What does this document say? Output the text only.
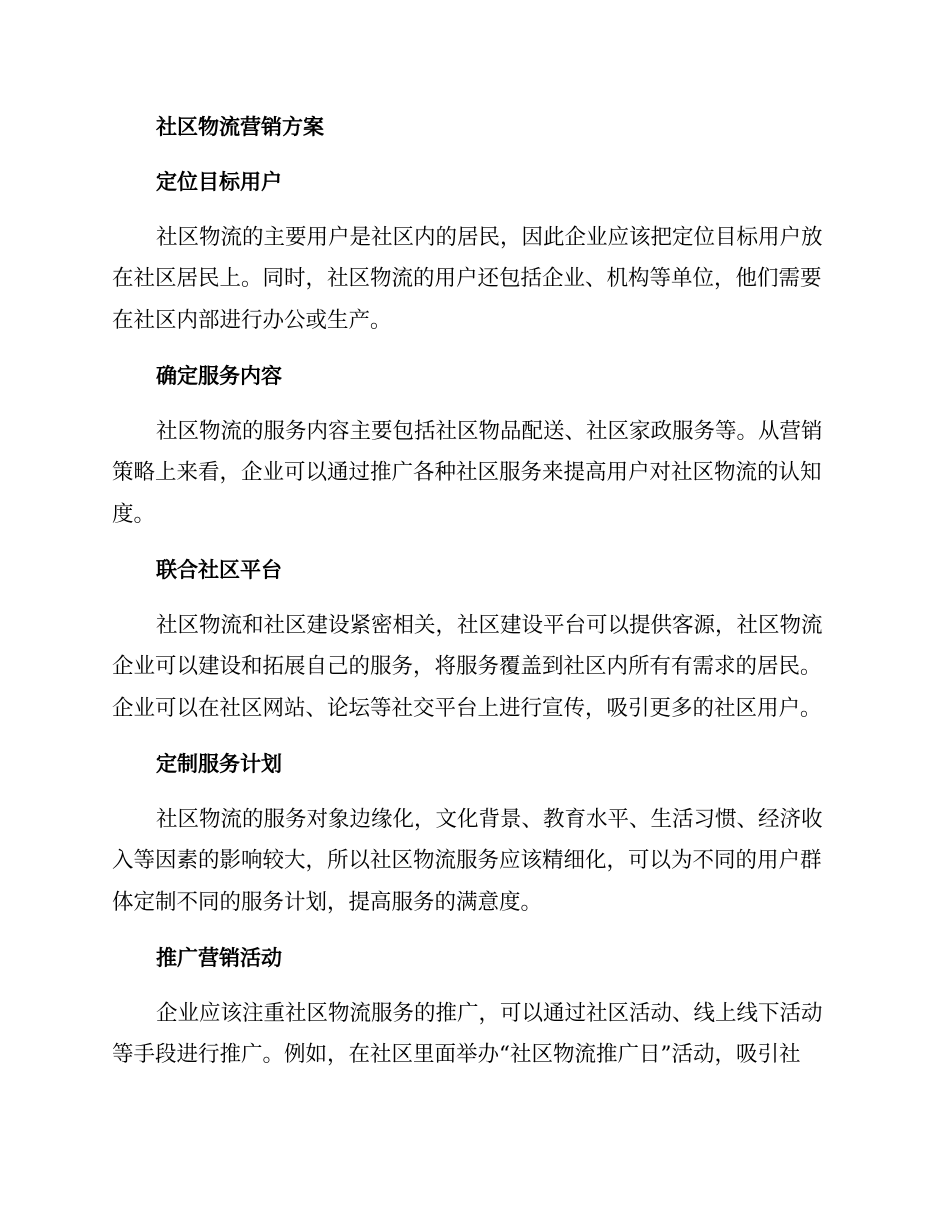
社区物流营销方案
定位目标用户

社区物流的主要用户是社区内的居民，因此企业应该把定位目标用户放

在社区居民上。同时，社区物流的用户还包括企业、机构等单位，他们需要

在社区内部进行办公或生产。

确定服务内容

社区物流的服务内容主要包括社区物品配送、社区家政服务等。从营销

策略上来看，企业可以通过推广各种社区服务来提高用户对社区物流的认知

度。

联合社区平台

社区物流和社区建设紧密相关，社区建设平台可以提供客源，社区物流

企业可以建设和拓展自己的服务，将服务覆盖到社区内所有有需求的居民。

企业可以在社区网站、论坛等社交平台上进行宣传，吸引更多的社区用户。

定制服务计划

社区物流的服务对象边缘化，文化背景、教育水平、生活习惯、经济收

入等因素的影响较大，所以社区物流服务应该精细化，可以为不同的用户群

体定制不同的服务计划，提高服务的满意度。

推广营销活动

企业应该注重社区物流服务的推广，可以通过社区活动、线上线下活动

等手段进行推广。例如，在社区里面举办“社区物流推广日”活动，吸引社
